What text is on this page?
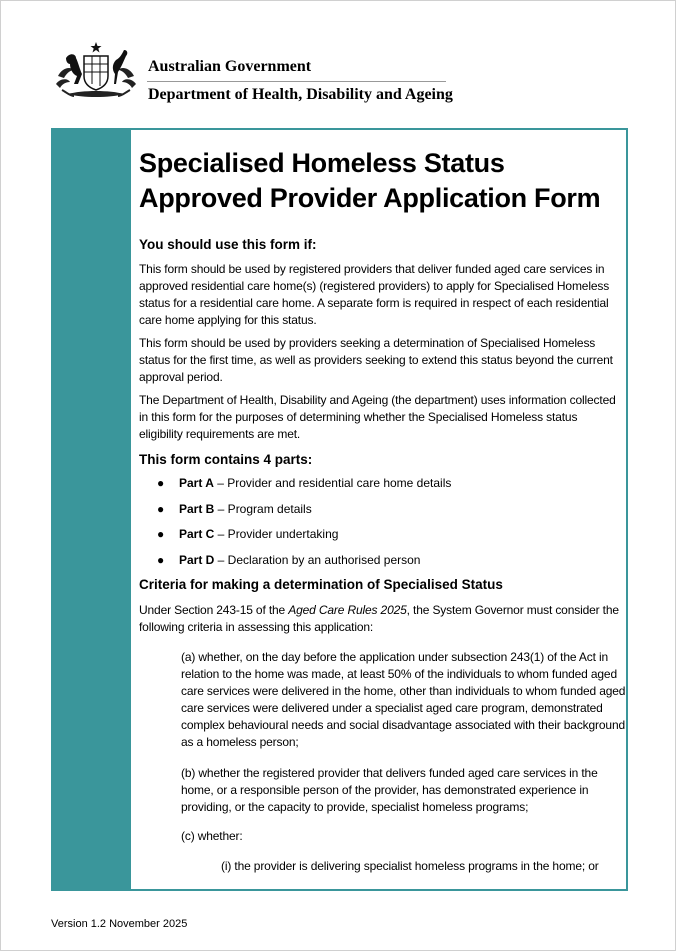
Australian Government
Department of Health, Disability and Ageing
Specialised Homeless Status
Approved Provider Application Form
You should use this form if:
This form should be used by registered providers that deliver funded aged care services in approved residential care home(s) (registered providers) to apply for Specialised Homeless status for a residential care home. A separate form is required in respect of each residential care home applying for this status.
This form should be used by providers seeking a determination of Specialised Homeless status for the first time, as well as providers seeking to extend this status beyond the current approval period.
The Department of Health, Disability and Ageing (the department) uses information collected in this form for the purposes of determining whether the Specialised Homeless status eligibility requirements are met.
This form contains 4 parts:
● Part A – Provider and residential care home details
● Part B – Program details
● Part C – Provider undertaking
● Part D – Declaration by an authorised person
Criteria for making a determination of Specialised Status
Under Section 243-15 of the Aged Care Rules 2025, the System Governor must consider the following criteria in assessing this application:
(a) whether, on the day before the application under subsection 243(1) of the Act in relation to the home was made, at least 50% of the individuals to whom funded aged care services were delivered in the home, other than individuals to whom funded aged care services were delivered under a specialist aged care program, demonstrated complex behavioural needs and social disadvantage associated with their background as a homeless person;
(b) whether the registered provider that delivers funded aged care services in the home, or a responsible person of the provider, has demonstrated experience in providing, or the capacity to provide, specialist homeless programs;
(c) whether:
(i) the provider is delivering specialist homeless programs in the home; or
Version 1.2 November 2025
